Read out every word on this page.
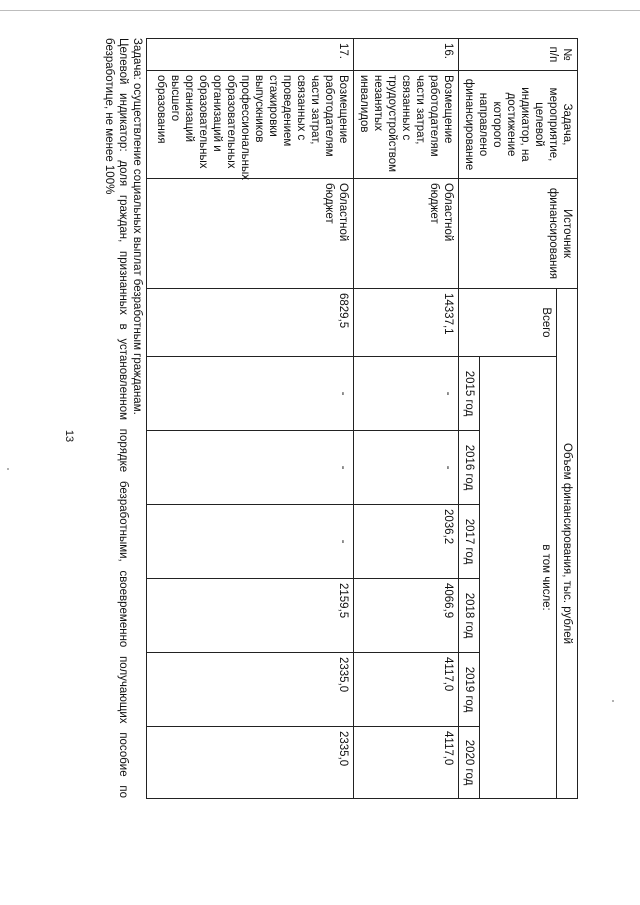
13
№ п/п	Задача, мероприятие, целевой индикатор, на достижение которого направлено финансирование	Источник финансирования	Объем финансирования, тыс. рублей						
			Всего	в том числе:					
				2015 год	2016 год	2017 год	2018 год	2019 год	2020 год
16.	Возмещение работодателям части затрат, связанных с трудоустройством незанятых инвалидов	Областной бюджет	14337,1	-	-	2036,2	4066,9	4117,0	4117,0
17.	Возмещение работодателям части затрат, связанных с проведением стажировки выпускников профессиональных образовательных организаций и образовательных организаций высшего образования	Областной бюджет	6829,5	-	-	-	2159,5	2335,0	2335,0
Задача: осуществление социальных выплат безработным гражданам.
Целевой индикатор: доля граждан, признанных в установленном порядке безработными, своевременно получающих пособие по безработице, не менее 100%
